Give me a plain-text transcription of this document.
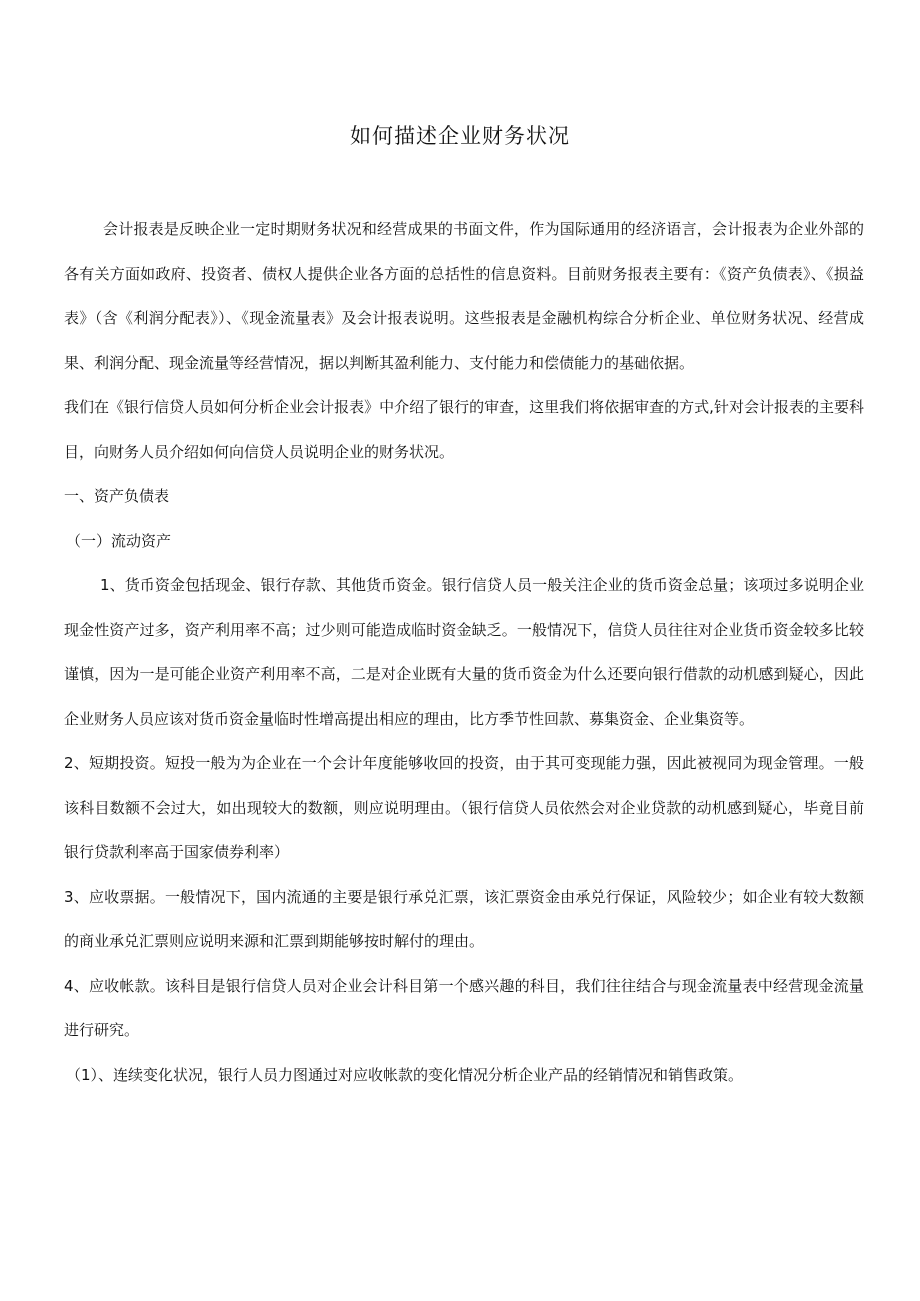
如何描述企业财务状况

会计报表是反映企业一定时期财务状况和经营成果的书面文件，作为国际通用的经济语言，会计报表为企业外部的各有关方面如政府、投资者、债权人提供企业各方面的总括性的信息资料。目前财务报表主要有：《资产负债表》、《损益表》（含《利润分配表》）、《现金流量表》及会计报表说明。这些报表是金融机构综合分析企业、单位财务状况、经营成果、利润分配、现金流量等经营情况，据以判断其盈利能力、支付能力和偿债能力的基础依据。

我们在《银行信贷人员如何分析企业会计报表》中介绍了银行的审查，这里我们将依据审查的方式,针对会计报表的主要科目，向财务人员介绍如何向信贷人员说明企业的财务状况。

一、资产负债表

（一）流动资产

1、货币资金包括现金、银行存款、其他货币资金。银行信贷人员一般关注企业的货币资金总量；该项过多说明企业现金性资产过多，资产利用率不高；过少则可能造成临时资金缺乏。一般情况下，信贷人员往往对企业货币资金较多比较谨慎，因为一是可能企业资产利用率不高，二是对企业既有大量的货币资金为什么还要向银行借款的动机感到疑心，因此企业财务人员应该对货币资金量临时性增高提出相应的理由，比方季节性回款、募集资金、企业集资等。

2、短期投资。短投一般为为企业在一个会计年度能够收回的投资，由于其可变现能力强，因此被视同为现金管理。一般该科目数额不会过大，如出现较大的数额，则应说明理由。（银行信贷人员依然会对企业贷款的动机感到疑心，毕竟目前银行贷款利率高于国家债券利率）

3、应收票据。一般情况下，国内流通的主要是银行承兑汇票，该汇票资金由承兑行保证，风险较少；如企业有较大数额的商业承兑汇票则应说明来源和汇票到期能够按时解付的理由。

4、应收帐款。该科目是银行信贷人员对企业会计科目第一个感兴趣的科目，我们往往结合与现金流量表中经营现金流量进行研究。

（1）、连续变化状况，银行人员力图通过对应收帐款的变化情况分析企业产品的经销情况和销售政策。
